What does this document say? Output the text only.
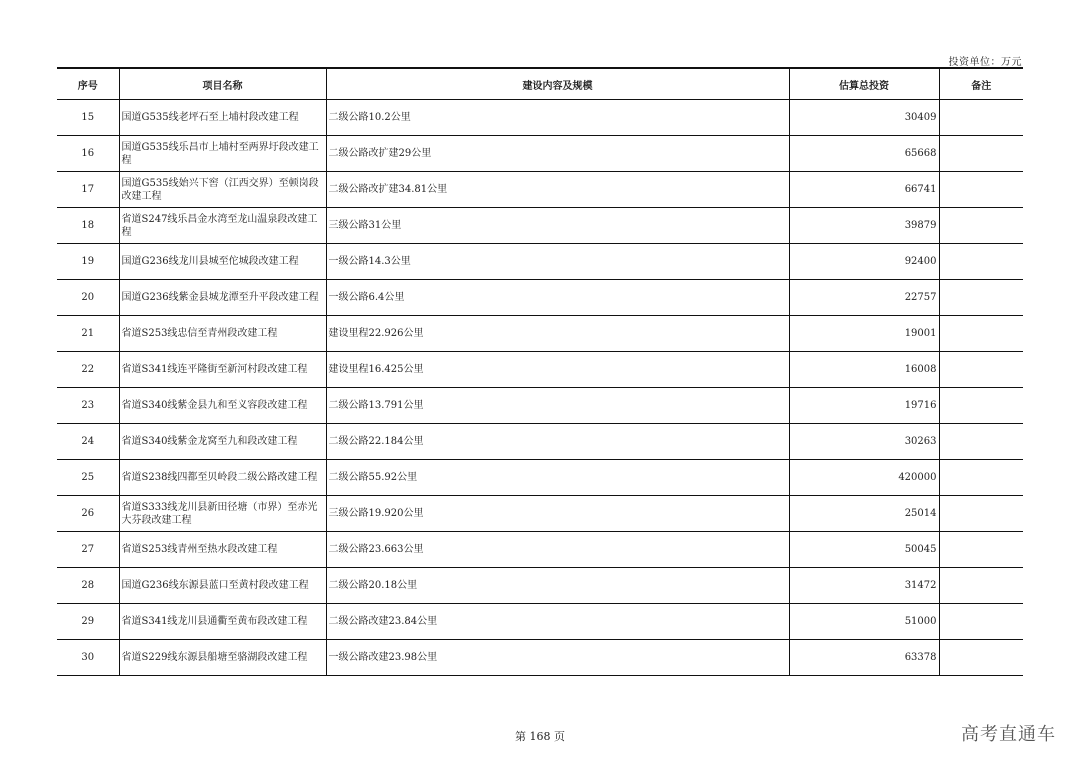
投资单位：万元
序号	项目名称	建设内容及规模	估算总投资	备注
15	国道G535线老坪石至上埔村段改建工程	二级公路10.2公里	30409	
16	国道G535线乐昌市上埔村至两界圩段改建工程	二级公路改扩建29公里	65668	
17	国道G535线始兴下窖（江西交界）至顿岗段改建工程	二级公路改扩建34.81公里	66741	
18	省道S247线乐昌金水湾至龙山温泉段改建工程	三级公路31公里	39879	
19	国道G236线龙川县城至佗城段改建工程	一级公路14.3公里	92400	
20	国道G236线紫金县城龙潭至升平段改建工程	一级公路6.4公里	22757	
21	省道S253线忠信至青州段改建工程	建设里程22.926公里	19001	
22	省道S341线连平隆街至新河村段改建工程	建设里程16.425公里	16008	
23	省道S340线紫金县九和至义容段改建工程	二级公路13.791公里	19716	
24	省道S340线紫金龙窝至九和段改建工程	二级公路22.184公里	30263	
25	省道S238线四都至贝岭段二级公路改建工程	二级公路55.92公里	420000	
26	省道S333线龙川县新田径塘（市界）至赤光大芬段改建工程	三级公路19.920公里	25014	
27	省道S253线青州至热水段改建工程	二级公路23.663公里	50045	
28	国道G236线东源县蓝口至黄村段改建工程	二级公路20.18公里	31472	
29	省道S341线龙川县通衢至黄布段改建工程	二级公路改建23.84公里	51000	
30	省道S229线东源县船塘至骆湖段改建工程	一级公路改建23.98公里	63378	
第 168 页	高考直通车
